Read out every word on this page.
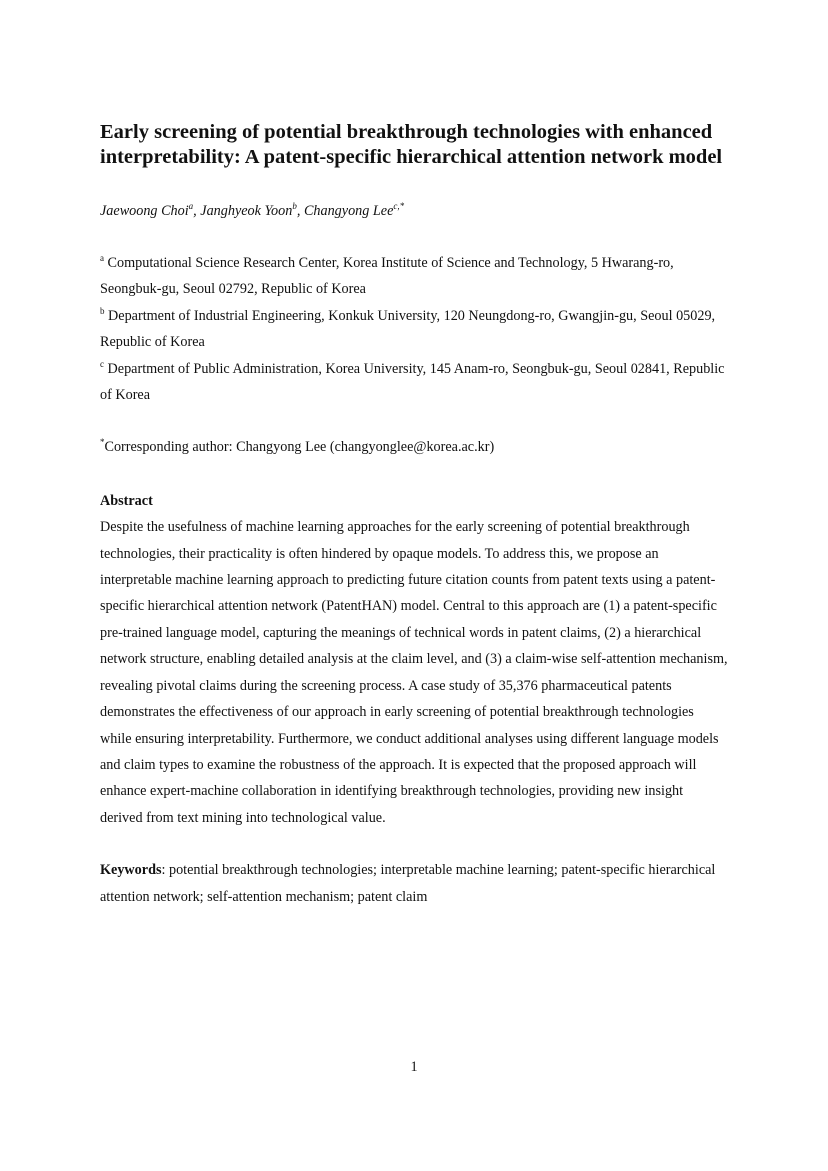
Early screening of potential breakthrough technologies with enhanced interpretability: A patent-specific hierarchical attention network model
Jaewoong Choi$^a$, Janghyeok Yoon$^b$, Changyong Lee$^{c,*}$
$^a$ Computational Science Research Center, Korea Institute of Science and Technology, 5 Hwarang-ro, Seongbuk-gu, Seoul 02792, Republic of Korea
$^b$ Department of Industrial Engineering, Konkuk University, 120 Neungdong-ro, Gwangjin-gu, Seoul 05029, Republic of Korea
$^c$ Department of Public Administration, Korea University, 145 Anam-ro, Seongbuk-gu, Seoul 02841, Republic of Korea
*Corresponding author: Changyong Lee (changyonglee@korea.ac.kr)
Abstract
Despite the usefulness of machine learning approaches for the early screening of potential breakthrough technologies, their practicality is often hindered by opaque models. To address this, we propose an interpretable machine learning approach to predicting future citation counts from patent texts using a patent-specific hierarchical attention network (PatentHAN) model. Central to this approach are (1) a patent-specific pre-trained language model, capturing the meanings of technical words in patent claims, (2) a hierarchical network structure, enabling detailed analysis at the claim level, and (3) a claim-wise self-attention mechanism, revealing pivotal claims during the screening process. A case study of 35,376 pharmaceutical patents demonstrates the effectiveness of our approach in early screening of potential breakthrough technologies while ensuring interpretability. Furthermore, we conduct additional analyses using different language models and claim types to examine the robustness of the approach. It is expected that the proposed approach will enhance expert-machine collaboration in identifying breakthrough technologies, providing new insight derived from text mining into technological value.
Keywords: potential breakthrough technologies; interpretable machine learning; patent-specific hierarchical attention network; self-attention mechanism; patent claim
1
